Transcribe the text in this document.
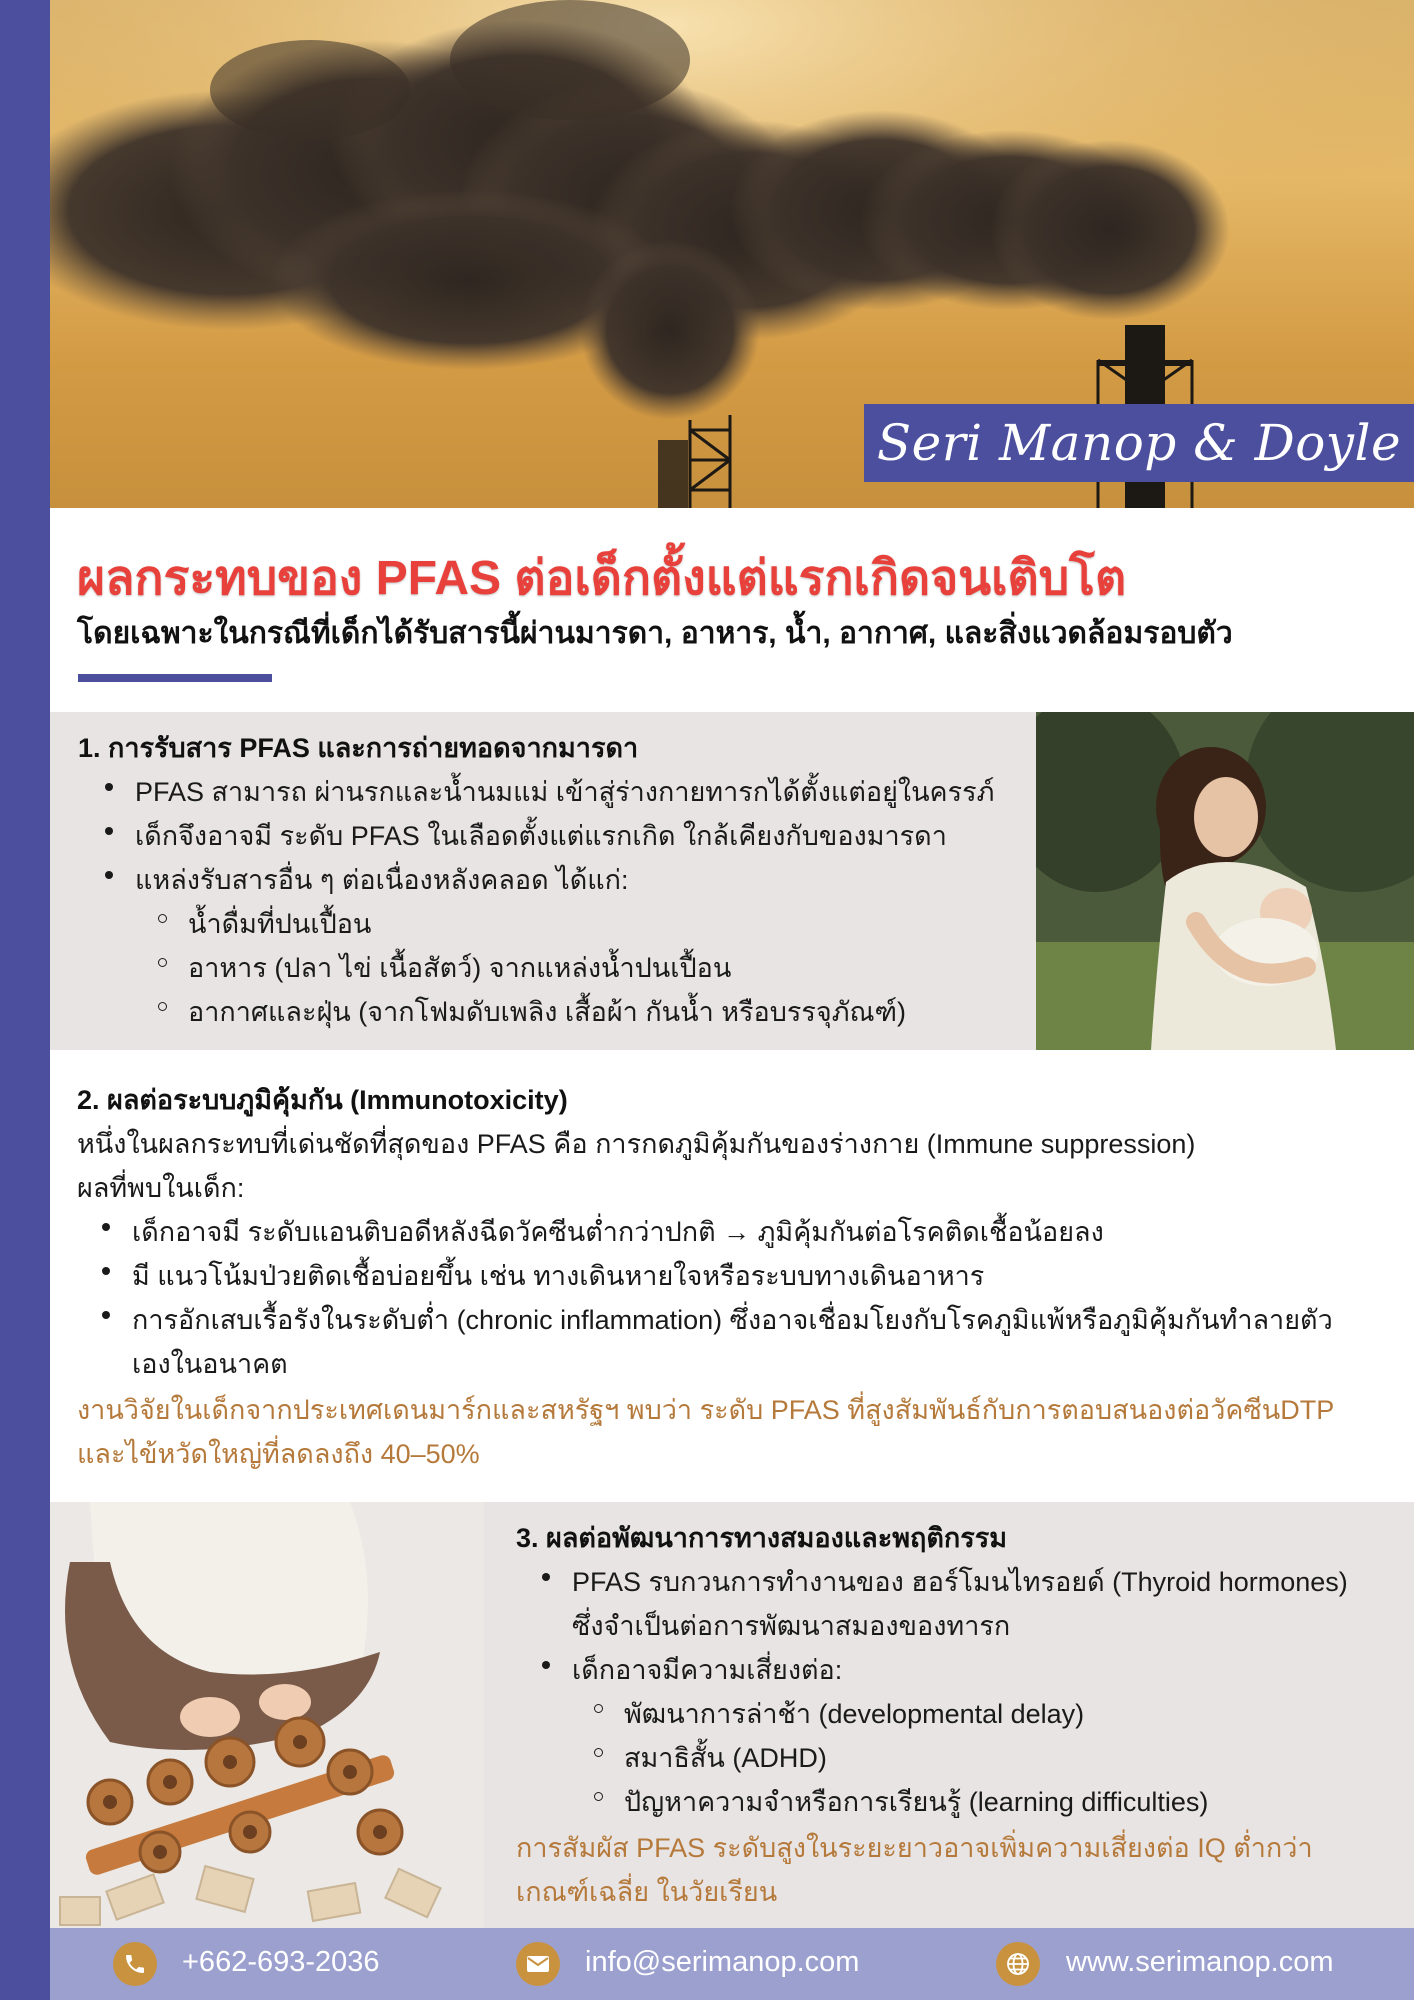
Seri Manop & Doyle
ผลกระทบของ PFAS ต่อเด็กตั้งแต่แรกเกิดจนเติบโต
โดยเฉพาะในกรณีที่เด็กได้รับสารนี้ผ่านมารดา, อาหาร, น้ำ, อากาศ, และสิ่งแวดล้อมรอบตัว
1. การรับสาร PFAS และการถ่ายทอดจากมารดา
PFAS สามารถ ผ่านรกและน้ำนมแม่ เข้าสู่ร่างกายทารกได้ตั้งแต่อยู่ในครรภ์
เด็กจึงอาจมี ระดับ PFAS ในเลือดตั้งแต่แรกเกิด ใกล้เคียงกับของมารดา
แหล่งรับสารอื่น ๆ ต่อเนื่องหลังคลอด ได้แก่:
น้ำดื่มที่ปนเปื้อน
อาหาร (ปลา ไข่ เนื้อสัตว์) จากแหล่งน้ำปนเปื้อน
อากาศและฝุ่น (จากโฟมดับเพลิง เสื้อผ้า กันน้ำ หรือบรรจุภัณฑ์)
2. ผลต่อระบบภูมิคุ้มกัน (Immunotoxicity)
หนึ่งในผลกระทบที่เด่นชัดที่สุดของ PFAS คือ การกดภูมิคุ้มกันของร่างกาย (Immune suppression)
ผลที่พบในเด็ก:
เด็กอาจมี ระดับแอนติบอดีหลังฉีดวัคซีนต่ำกว่าปกติ → ภูมิคุ้มกันต่อโรคติดเชื้อน้อยลง
มี แนวโน้มป่วยติดเชื้อบ่อยขึ้น เช่น ทางเดินหายใจหรือระบบทางเดินอาหาร
การอักเสบเรื้อรังในระดับต่ำ (chronic inflammation) ซึ่งอาจเชื่อมโยงกับโรคภูมิแพ้หรือภูมิคุ้มกันทำลายตัว
เองในอนาคต
งานวิจัยในเด็กจากประเทศเดนมาร์กและสหรัฐฯ พบว่า ระดับ PFAS ที่สูงสัมพันธ์กับการตอบสนองต่อวัคซีนDTP
และไข้หวัดใหญ่ที่ลดลงถึง 40–50%
3. ผลต่อพัฒนาการทางสมองและพฤติกรรม
PFAS รบกวนการทำงานของ ฮอร์โมนไทรอยด์ (Thyroid hormones)
ซึ่งจำเป็นต่อการพัฒนาสมองของทารก
เด็กอาจมีความเสี่ยงต่อ:
พัฒนาการล่าช้า (developmental delay)
สมาธิสั้น (ADHD)
ปัญหาความจำหรือการเรียนรู้ (learning difficulties)
การสัมผัส PFAS ระดับสูงในระยะยาวอาจเพิ่มความเสี่ยงต่อ IQ ต่ำกว่า
เกณฑ์เฉลี่ย ในวัยเรียน
+662-693-2036	info@serimanop.com	www.serimanop.com
